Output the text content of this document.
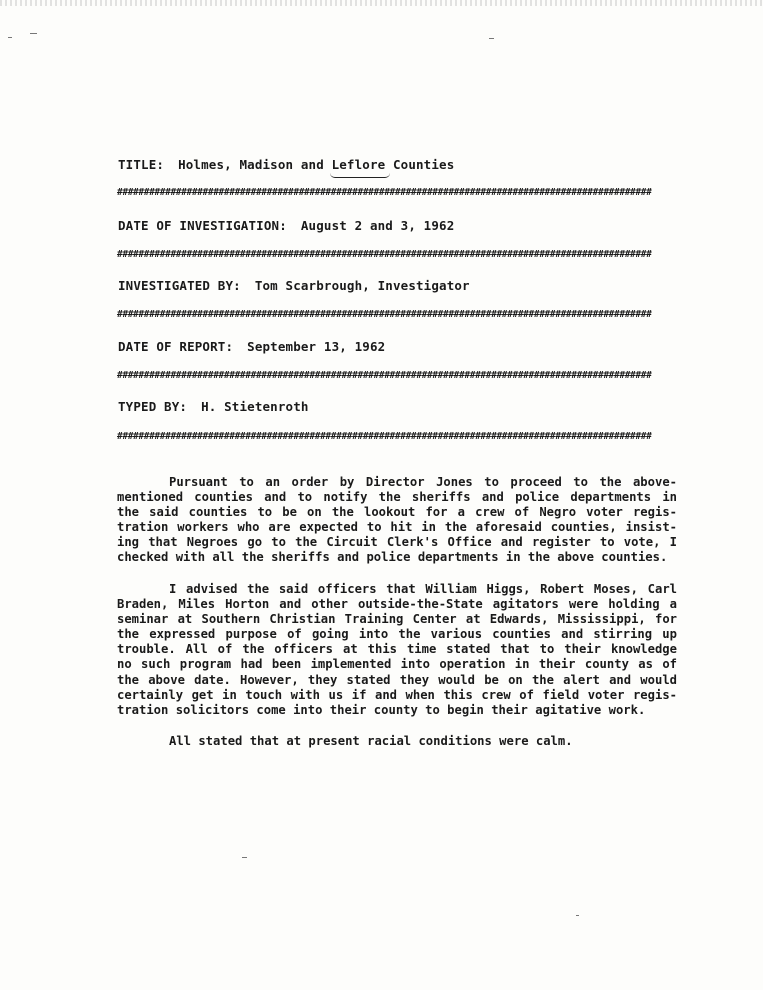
TITLE: Holmes, Madison and Leflore Counties
####################################################################################################
DATE OF INVESTIGATION: August 2 and 3, 1962
####################################################################################################
INVESTIGATED BY: Tom Scarbrough, Investigator
####################################################################################################
DATE OF REPORT: September 13, 1962
####################################################################################################
TYPED BY: H. Stietenroth
####################################################################################################
Pursuant to an order by Director Jones to proceed to the above-
mentioned counties and to notify the sheriffs and police departments in
the said counties to be on the lookout for a crew of Negro voter regis-
tration workers who are expected to hit in the aforesaid counties, insist-
ing that Negroes go to the Circuit Clerk's Office and register to vote, I
checked with all the sheriffs and police departments in the above counties.
I advised the said officers that William Higgs, Robert Moses, Carl
Braden, Miles Horton and other outside-the-State agitators were holding a
seminar at Southern Christian Training Center at Edwards, Mississippi, for
the expressed purpose of going into the various counties and stirring up
trouble. All of the officers at this time stated that to their knowledge
no such program had been implemented into operation in their county as of
the above date. However, they stated they would be on the alert and would
certainly get in touch with us if and when this crew of field voter regis-
tration solicitors come into their county to begin their agitative work.
All stated that at present racial conditions were calm.
